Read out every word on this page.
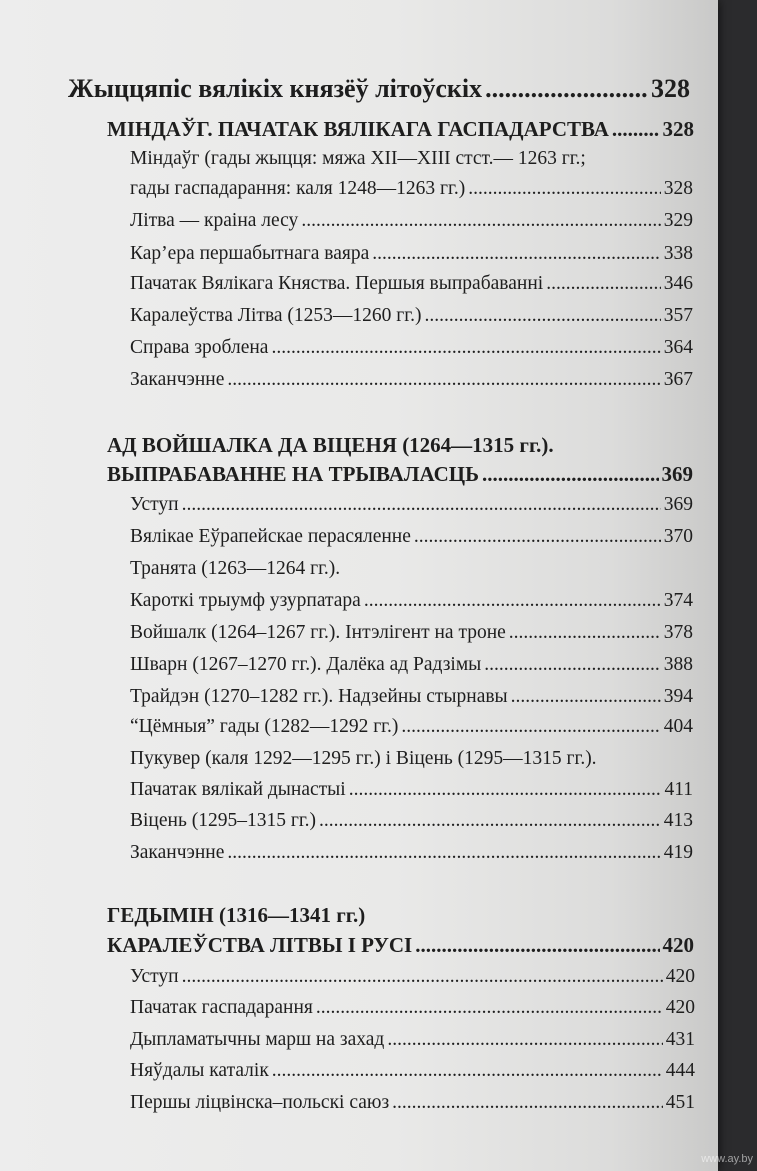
Жыццяпіс вялікіх князёў літоўскіх .....	328
МІНДАЎГ. ПАЧАТАК ВЯЛІКАГА ГАСПАДАРСТВА .....	328
Міндаўг (гады жыцця: мяжа XII—XIII стст.— 1263 гг.;
гады гаспадарання: каля 1248—1263 гг.) .....	328
Літва — краіна лесу .....	329
Кар’ера першабытнага ваяра .....	338
Пачатак Вялікага Княства. Першыя выпрабаванні .....	346
Каралеўства Літва (1253—1260 гг.) .....	357
Справа зроблена .....	364
Заканчэнне .....	367
АД ВОЙШАЛКА ДА ВІЦЕНЯ (1264—1315 гг.).
ВЫПРАБАВАННЕ НА ТРЫВАЛАСЦЬ .....	369
Уступ .....	369
Вялікае Еўрапейскае перасяленне .....	370
Транята (1263—1264 гг.).
Кароткі трыумф узурпатара .....	374
Войшалк (1264–1267 гг.). Інтэлігент на троне .....	378
Шварн (1267–1270 гг.). Далёка ад Радзімы .....	388
Трайдэн (1270–1282 гг.). Надзейны стырнавы .....	394
“Цёмныя” гады (1282—1292 гг.) .....	404
Пукувер (каля 1292—1295 гг.) і Віцень (1295—1315 гг.).
Пачатак вялікай дынастыі .....	411
Віцень (1295–1315 гг.) .....	413
Заканчэнне .....	419
ГЕДЫМІН (1316—1341 гг.)
КАРАЛЕЎСТВА ЛІТВЫ І РУСІ .....	420
Уступ .....	420
Пачатак гаспадарання .....	420
Дыпламатычны марш на захад .....	431
Няўдалы каталік .....	444
Першы ліцвінска–польскі саюз .....	451
www.ay.by
